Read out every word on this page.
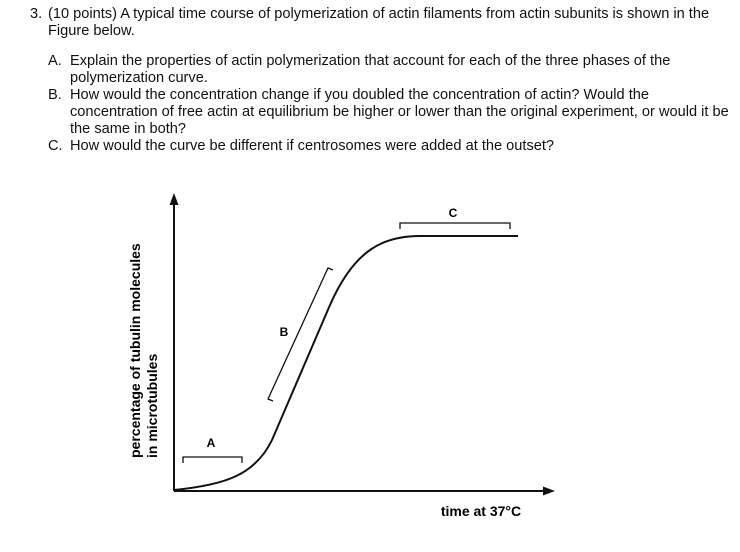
3. (10 points) A typical time course of polymerization of actin filaments from actin subunits is shown in the Figure below.
A. Explain the properties of actin polymerization that account for each of the three phases of the polymerization curve.
B. How would the concentration change if you doubled the concentration of actin? Would the concentration of free actin at equilibrium be higher or lower than the original experiment, or would it be the same in both?
C. How would the curve be different if centrosomes were added at the outset?
A
B
C
percentage of tubulin molecules in microtubules
time at 37°C
